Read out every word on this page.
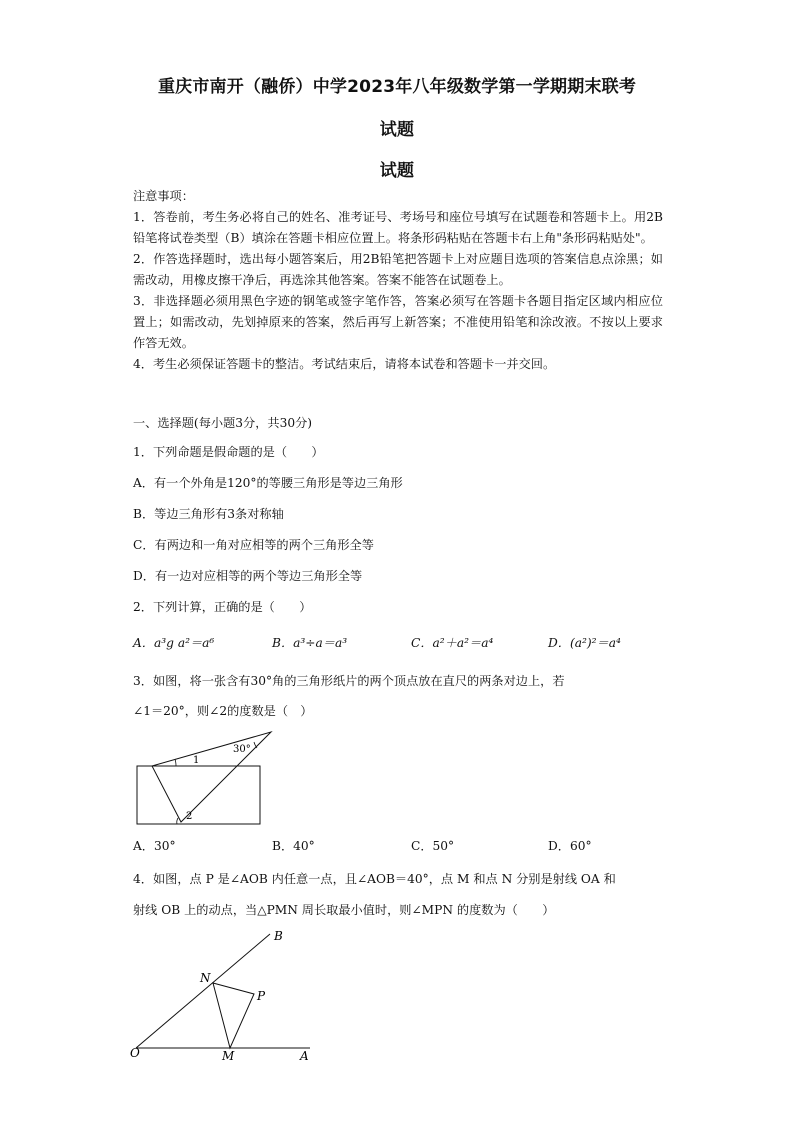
重庆市南开（融侨）中学2023年八年级数学第一学期期末联考
试题
试题

注意事项：

1．答卷前，考生务必将自己的姓名、准考证号、考场号和座位号填写在试题卷和答题卡上。用2B铅笔将试卷类型（B）填涂在答题卡相应位置上。将条形码粘贴在答题卡右上角"条形码粘贴处"。

2．作答选择题时，选出每小题答案后，用2B铅笔把答题卡上对应题目选项的答案信息点涂黑；如需改动，用橡皮擦干净后，再选涂其他答案。答案不能答在试题卷上。

3．非选择题必须用黑色字迹的钢笔或签字笔作答，答案必须写在答题卡各题目指定区域内相应位置上；如需改动，先划掉原来的答案，然后再写上新答案；不准使用铅笔和涂改液。不按以上要求作答无效。

4．考生必须保证答题卡的整洁。考试结束后，请将本试卷和答题卡一并交回。

一、选择题(每小题3分，共30分)
1．下列命题是假命题的是（　　）
A．有一个外角是120°的等腰三角形是等边三角形
B．等边三角形有3条对称轴
C．有两边和一角对应相等的两个三角形全等
D．有一边对应相等的两个等边三角形全等
2．下列计算，正确的是（　　）
A．a³g a²＝a⁶	B．a³÷a＝a³	C．a²＋a²＝a⁴	D．(a²)²＝a⁴
3．如图，将一张含有30°角的三角形纸片的两个顶点放在直尺的两条对边上，若
∠1＝20°，则∠2的度数是（　）
30°
1
2
A．30°	B．40°	C．50°	D．60°
4．如图，点 P 是∠AOB 内任意一点，且∠AOB＝40°，点 M 和点 N 分别是射线 OA 和
射线 OB 上的动点，当△PMN 周长取最小值时，则∠MPN 的度数为（　　）
B
N
P
O	M	A
